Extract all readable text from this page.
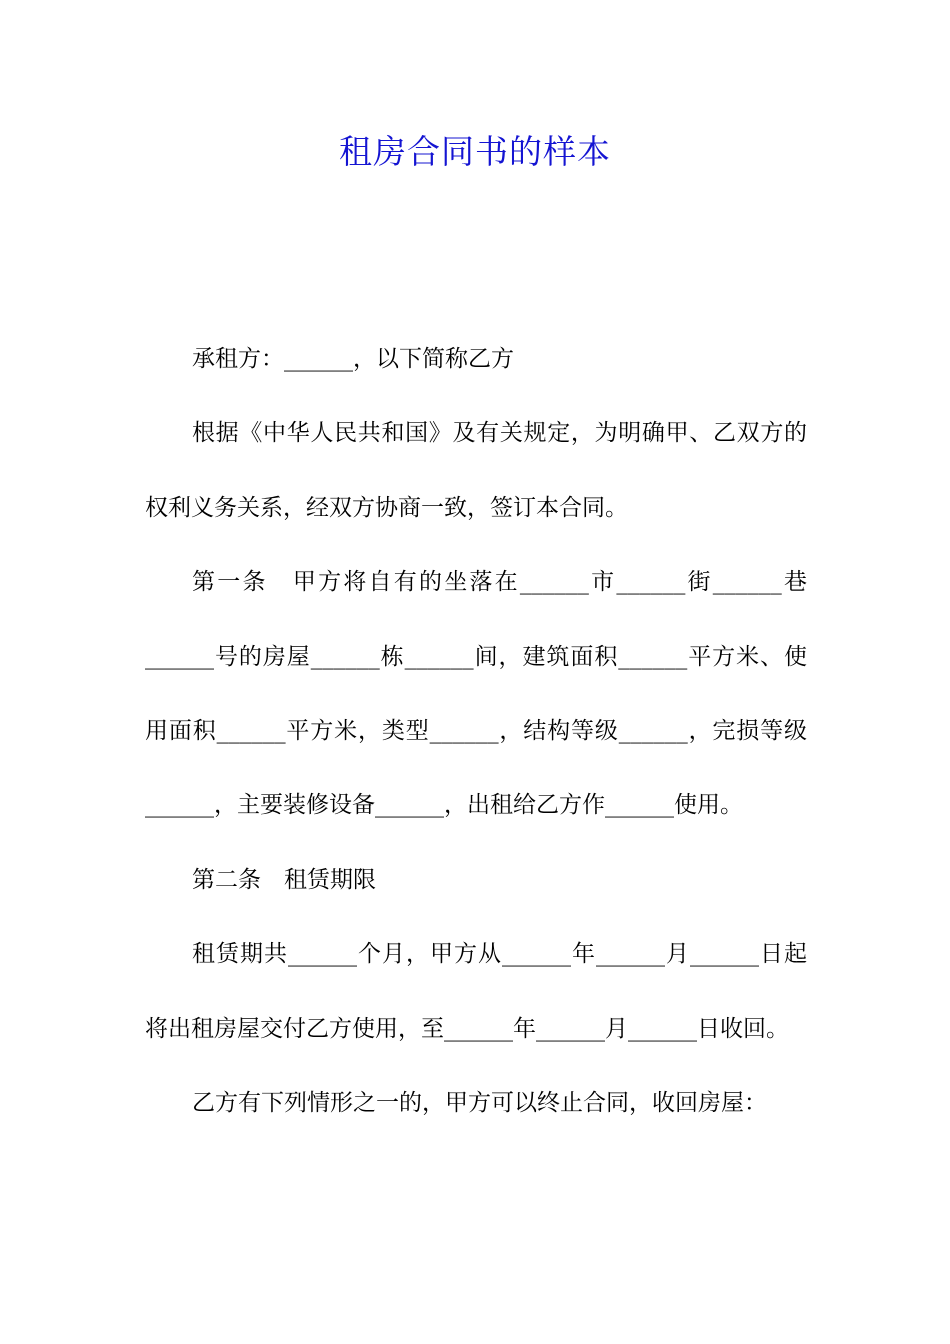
租房合同书的样本

承租方：______，以下简称乙方

根据《中华人民共和国》及有关规定，为明确甲、乙双方的权利义务关系，经双方协商一致，签订本合同。

第一条　甲方将自有的坐落在______市______街______巷______号的房屋______栋______间，建筑面积______平方米、使用面积______平方米，类型______，结构等级______，完损等级______，主要装修设备______，出租给乙方作______使用。

第二条　租赁期限

租赁期共______个月，甲方从______年______月______日起将出租房屋交付乙方使用，至______年______月______日收回。

乙方有下列情形之一的，甲方可以终止合同，收回房屋：
